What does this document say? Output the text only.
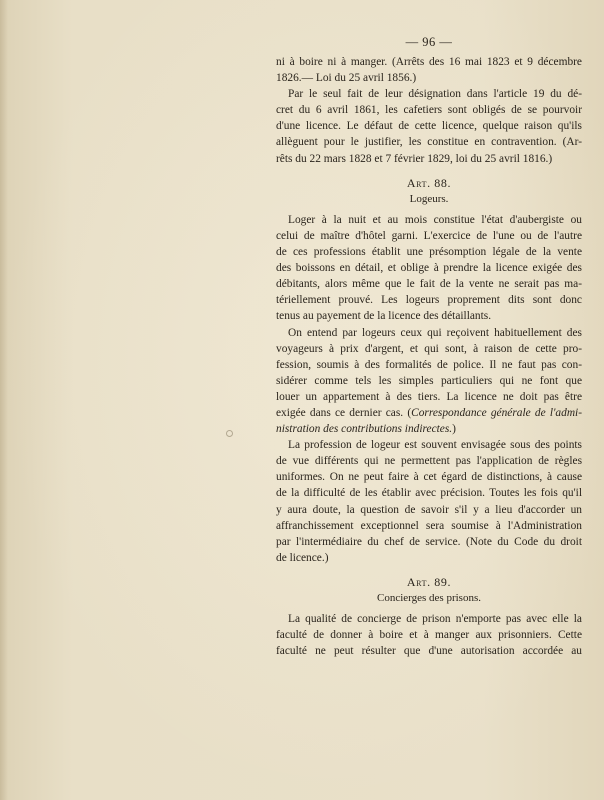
— 96 —
ni à boire ni à manger. (Arrêts des 16 mai 1823 et 9 décembre
1826.— Loi du 25 avril 1856.)
Par le seul fait de leur désignation dans l'article 19 du dé-
cret du 6 avril 1861, les cafetiers sont obligés de se pourvoir
d'une licence. Le défaut de cette licence, quelque raison qu'ils
allèguent pour le justifier, les constitue en contravention. (Ar-
rêts du 22 mars 1828 et 7 février 1829, loi du 25 avril 1816.)
Art. 88.
Logeurs.
Loger à la nuit et au mois constitue l'état d'aubergiste ou
celui de maître d'hôtel garni. L'exercice de l'une ou de l'autre
de ces professions établit une présomption légale de la vente
des boissons en détail, et oblige à prendre la licence exigée des
débitants, alors même que le fait de la vente ne serait pas ma-
tériellement prouvé. Les logeurs proprement dits sont donc
tenus au payement de la licence des détaillants.
On entend par logeurs ceux qui reçoivent habituellement des
voyageurs à prix d'argent, et qui sont, à raison de cette pro-
fession, soumis à des formalités de police. Il ne faut pas con-
sidérer comme tels les simples particuliers qui ne font que
louer un appartement à des tiers. La licence ne doit pas être
exigée dans ce dernier cas. (Correspondance générale de l'admi-
nistration des contributions indirectes.)
La profession de logeur est souvent envisagée sous des points
de vue différents qui ne permettent pas l'application de règles
uniformes. On ne peut faire à cet égard de distinctions, à cause
de la difficulté de les établir avec précision. Toutes les fois qu'il
y aura doute, la question de savoir s'il y a lieu d'accorder un
affranchissement exceptionnel sera soumise à l'Administration
par l'intermédiaire du chef de service. (Note du Code du droit
de licence.)
Art. 89.
Concierges des prisons.
La qualité de concierge de prison n'emporte pas avec elle la
faculté de donner à boire et à manger aux prisonniers. Cette
faculté ne peut résulter que d'une autorisation accordée au
